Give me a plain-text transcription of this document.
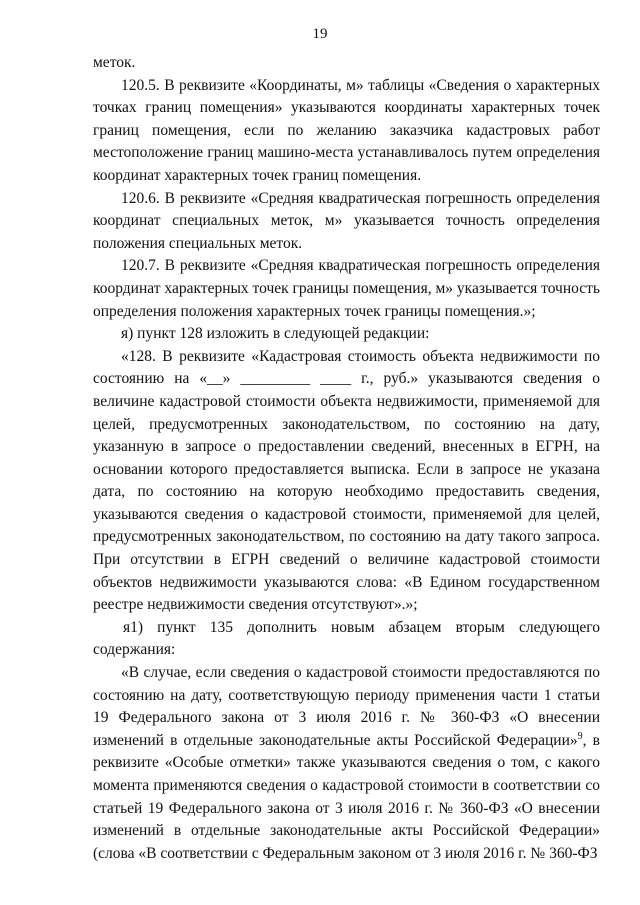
19

меток.

120.5. В реквизите «Координаты, м» таблицы «Сведения о характерных точках границ помещения» указываются координаты характерных точек границ помещения, если по желанию заказчика кадастровых работ местоположение границ машино-места устанавливалось путем определения координат характерных точек границ помещения.

120.6. В реквизите «Средняя квадратическая погрешность определения координат специальных меток, м» указывается точность определения положения специальных меток.

120.7. В реквизите «Средняя квадратическая погрешность определения координат характерных точек границы помещения, м» указывается точность определения положения характерных точек границы помещения.»;

я) пункт 128 изложить в следующей редакции:

«128. В реквизите «Кадастровая стоимость объекта недвижимости по состоянию на «__» _________ ____ г., руб.» указываются сведения о величине кадастровой стоимости объекта недвижимости, применяемой для целей, предусмотренных законодательством, по состоянию на дату, указанную в запросе о предоставлении сведений, внесенных в ЕГРН, на основании которого предоставляется выписка. Если в запросе не указана дата, по состоянию на которую необходимо предоставить сведения, указываются сведения о кадастровой стоимости, применяемой для целей, предусмотренных законодательством, по состоянию на дату такого запроса. При отсутствии в ЕГРН сведений о величине кадастровой стоимости объектов недвижимости указываются слова: «В Едином государственном реестре недвижимости сведения отсутствуют».»;

я1) пункт 135 дополнить новым абзацем вторым следующего содержания:

«В случае, если сведения о кадастровой стоимости предоставляются по состоянию на дату, соответствующую периоду применения части 1 статьи 19 Федерального закона от 3 июля 2016 г. № 360-ФЗ «О внесении изменений в отдельные законодательные акты Российской Федерации»$^9$, в реквизите «Особые отметки» также указываются сведения о том, с какого момента применяются сведения о кадастровой стоимости в соответствии со статьей 19 Федерального закона от 3 июля 2016 г. № 360-ФЗ «О внесении изменений в отдельные законодательные акты Российской Федерации» (слова «В соответствии с Федеральным законом от 3 июля 2016 г. № 360-ФЗ
